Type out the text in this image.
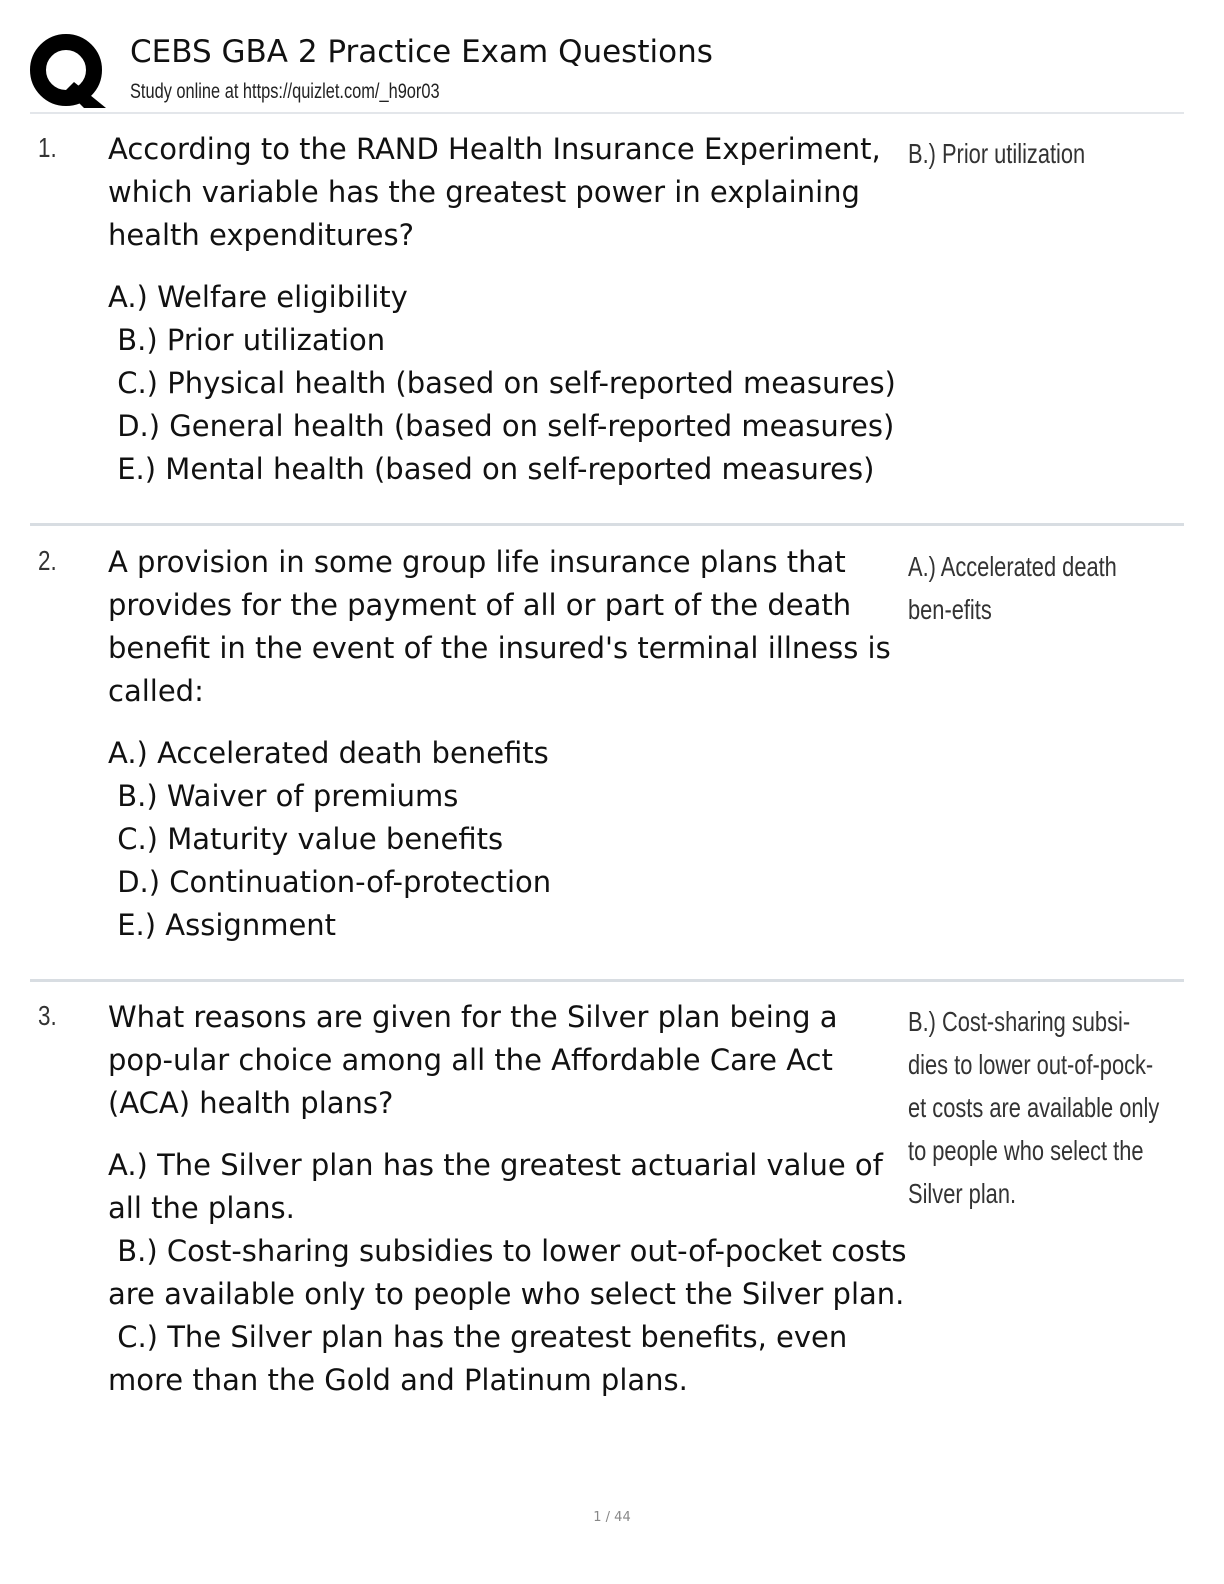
CEBS GBA 2 Practice Exam Questions
Study online at https://quizlet.com/_h9or03
1. According to the RAND Health Insurance Experiment, which variable has the greatest power in explaining health expenditures?

A.) Welfare eligibility

B.) Prior utilization

C.) Physical health (based on self-reported measures)

D.) General health (based on self-reported measures)

E.) Mental health (based on self-reported measures)

B.) Prior utilization
2. A provision in some group life insurance plans that provides for the payment of all or part of the death benefit in the event of the insured's terminal illness is called:

A.) Accelerated death benefits

B.) Waiver of premiums

C.) Maturity value benefits

D.) Continuation-of-protection

E.) Assignment

A.) Accelerated death ben-efits
3. What reasons are given for the Silver plan being a pop-ular choice among all the Affordable Care Act (ACA) health plans?

A.) The Silver plan has the greatest actuarial value of all the plans.

B.) Cost-sharing subsidies to lower out-of-pocket costs are available only to people who select the Silver plan.

C.) The Silver plan has the greatest benefits, even more than the Gold and Platinum plans.

B.) Cost-sharing subsi-dies to lower out-of-pock-et costs are available only to people who select the Silver plan.
1 / 44
